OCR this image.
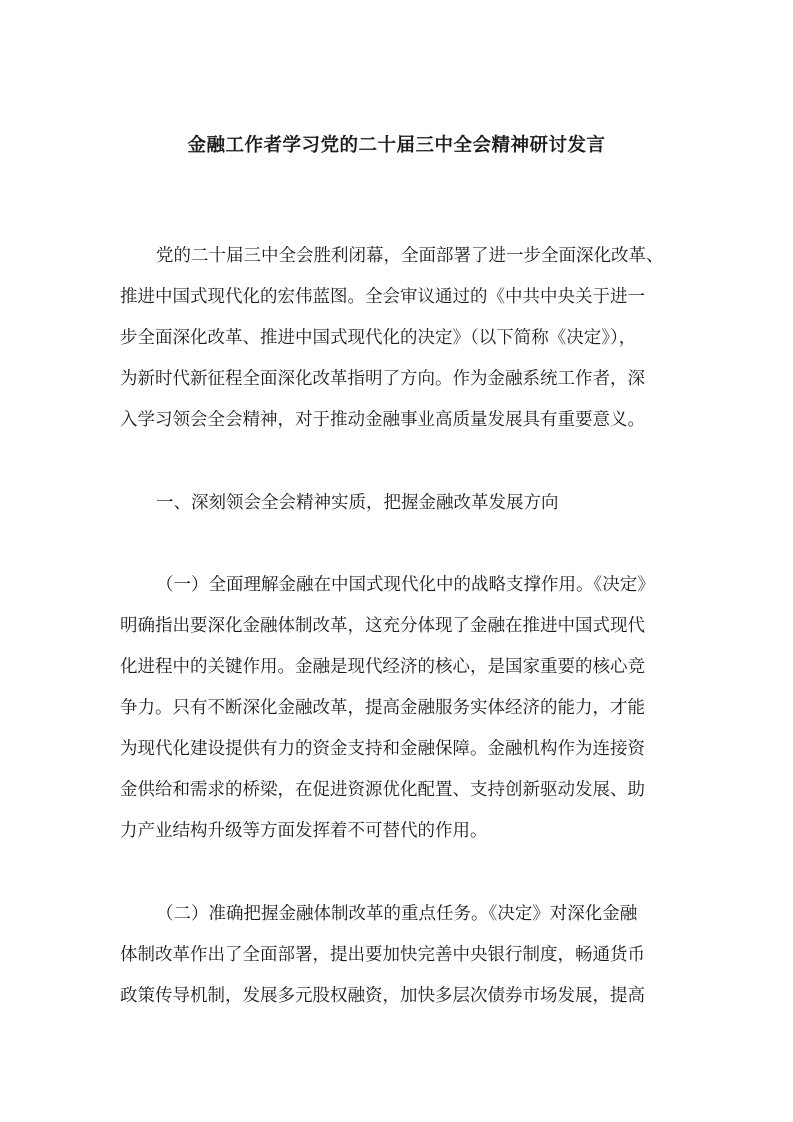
金融工作者学习党的二十届三中全会精神研讨发言

党的二十届三中全会胜利闭幕，全面部署了进一步全面深化改革、

推进中国式现代化的宏伟蓝图。全会审议通过的《中共中央关于进一

步全面深化改革、推进中国式现代化的决定》（以下简称《决定》），

为新时代新征程全面深化改革指明了方向。作为金融系统工作者，深

入学习领会全会精神，对于推动金融事业高质量发展具有重要意义。

一、深刻领会全会精神实质，把握金融改革发展方向

（一）全面理解金融在中国式现代化中的战略支撑作用。《决定》

明确指出要深化金融体制改革，这充分体现了金融在推进中国式现代

化进程中的关键作用。金融是现代经济的核心，是国家重要的核心竞

争力。只有不断深化金融改革，提高金融服务实体经济的能力，才能

为现代化建设提供有力的资金支持和金融保障。金融机构作为连接资

金供给和需求的桥梁，在促进资源优化配置、支持创新驱动发展、助

力产业结构升级等方面发挥着不可替代的作用。

（二）准确把握金融体制改革的重点任务。《决定》对深化金融

体制改革作出了全面部署，提出要加快完善中央银行制度，畅通货币

政策传导机制，发展多元股权融资，加快多层次债券市场发展，提高
